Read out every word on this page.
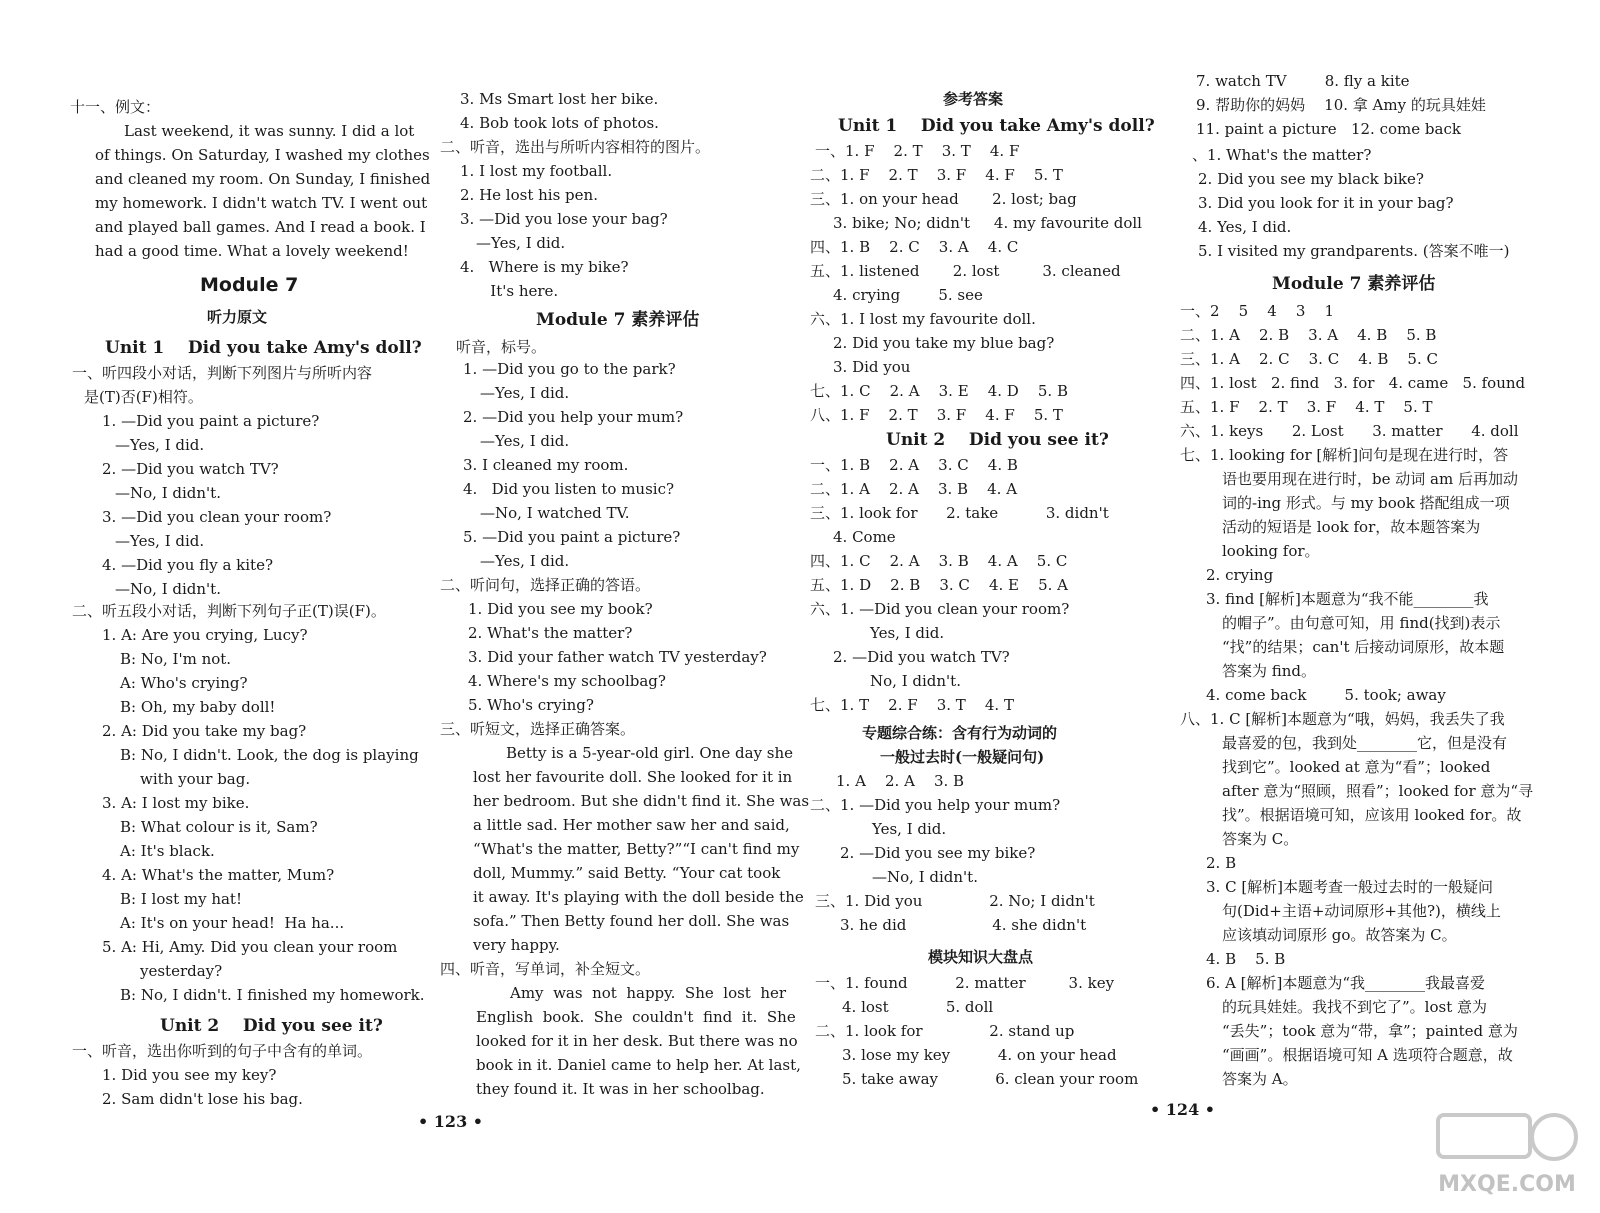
十一、例文：
Last weekend, it was sunny. I did a lot
of things. On Saturday, I washed my clothes
and cleaned my room. On Sunday, I finished
my homework. I didn't watch TV. I went out
and played ball games. And I read a book. I
had a good time. What a lovely weekend!
Module 7
听力原文
Unit 1    Did you take Amy's doll?
一、听四段小对话，判断下列图片与所听内容
是(T)否(F)相符。
1. —Did you paint a picture?
—Yes, I did.
2. —Did you watch TV?
—No, I didn't.
3. —Did you clean your room?
—Yes, I did.
4. —Did you fly a kite?
—No, I didn't.
二、听五段小对话，判断下列句子正(T)误(F)。
1. A: Are you crying, Lucy?
B: No, I'm not.
A: Who's crying?
B: Oh, my baby doll!
2. A: Did you take my bag?
B: No, I didn't. Look, the dog is playing
with your bag.
3. A: I lost my bike.
B: What colour is it, Sam?
A: It's black.
4. A: What's the matter, Mum?
B: I lost my hat!
A: It's on your head!  Ha ha...
5. A: Hi, Amy. Did you clean your room
yesterday?
B: No, I didn't. I finished my homework.
Unit 2    Did you see it?
一、听音，选出你听到的句子中含有的单词。
1. Did you see my key?
2. Sam didn't lose his bag.
3. Ms Smart lost her bike.
4. Bob took lots of photos.
二、听音，选出与所听内容相符的图片。
1. I lost my football.
2. He lost his pen.
3. —Did you lose your bag?
—Yes, I did.
4.   Where is my bike?
It's here.
Module 7 素养评估
听音，标号。
1. —Did you go to the park?
—Yes, I did.
2. —Did you help your mum?
—Yes, I did.
3. I cleaned my room.
4.   Did you listen to music?
—No, I watched TV.
5. —Did you paint a picture?
—Yes, I did.
二、听问句，选择正确的答语。
1. Did you see my book?
2. What's the matter?
3. Did your father watch TV yesterday?
4. Where's my schoolbag?
5. Who's crying?
三、听短文，选择正确答案。
Betty is a 5-year-old girl. One day she
lost her favourite doll. She looked for it in
her bedroom. But she didn't find it. She was
a little sad. Her mother saw her and said,
“What's the matter, Betty?”“I can't find my
doll, Mummy.” said Betty. “Your cat took
it away. It's playing with the doll beside the
sofa.” Then Betty found her doll. She was
very happy.
四、听音，写单词，补全短文。
Amy  was  not  happy.  She  lost  her
English  book.  She  couldn't  find  it.  She
looked for it in her desk. But there was no
book in it. Daniel came to help her. At last,
they found it. It was in her schoolbag.
参考答案
Unit 1    Did you take Amy's doll?
一、1. F    2. T    3. T    4. F
二、1. F    2. T    3. F    4. F    5. T
三、1. on your head       2. lost; bag
3. bike; No; didn't     4. my favourite doll
四、1. B    2. C    3. A    4. C
五、1. listened       2. lost         3. cleaned
4. crying        5. see
六、1. I lost my favourite doll.
2. Did you take my blue bag?
3. Did you
七、1. C    2. A    3. E    4. D    5. B
八、1. F    2. T    3. F    4. F    5. T
Unit 2    Did you see it?
一、1. B    2. A    3. C    4. B
二、1. A    2. A    3. B    4. A
三、1. look for      2. take          3. didn't
4. Come
四、1. C    2. A    3. B    4. A    5. C
五、1. D    2. B    3. C    4. E    5. A
六、1. —Did you clean your room?
Yes, I did.
2. —Did you watch TV?
No, I didn't.
七、1. T    2. F    3. T    4. T
专题综合练：含有行为动词的
一般过去时(一般疑问句)
1. A    2. A    3. B
二、1. —Did you help your mum?
Yes, I did.
2. —Did you see my bike?
—No, I didn't.
三、1. Did you              2. No; I didn't
3. he did                  4. she didn't
模块知识大盘点
一、1. found          2. matter         3. key
4. lost            5. doll
二、1. look for              2. stand up
3. lose my key          4. on your head
5. take away            6. clean your room
7. watch TV        8. fly a kite
9. 帮助你的妈妈    10. 拿 Amy 的玩具娃娃
11. paint a picture   12. come back
、1. What's the matter?
2. Did you see my black bike?
3. Did you look for it in your bag?
4. Yes, I did.
5. I visited my grandparents. (答案不唯一)
Module 7 素养评估
一、2    5    4    3    1
二、1. A    2. B    3. A    4. B    5. B
三、1. A    2. C    3. C    4. B    5. C
四、1. lost   2. find   3. for   4. came   5. found
五、1. F    2. T    3. F    4. T    5. T
六、1. keys      2. Lost      3. matter      4. doll
七、1. looking for [解析]问句是现在进行时，答
语也要用现在进行时，be 动词 am 后再加动
词的-ing 形式。与 my book 搭配组成一项
活动的短语是 look for，故本题答案为
looking for。
2. crying
3. find [解析]本题意为“我不能________我
的帽子”。由句意可知，用 find(找到)表示
“找”的结果；can't 后接动词原形，故本题
答案为 find。
4. come back        5. took; away
八、1. C [解析]本题意为“哦，妈妈，我丢失了我
最喜爱的包，我到处________它，但是没有
找到它”。looked at 意为“看”；looked
after 意为“照顾，照看”；looked for 意为“寻
找”。根据语境可知，应该用 looked for。故
答案为 C。
2. B
3. C [解析]本题考查一般过去时的一般疑问
句(Did+主语+动词原形+其他?)，横线上
应该填动词原形 go。故答案为 C。
4. B    5. B
6. A [解析]本题意为“我________我最喜爱
的玩具娃娃。我找不到它了”。lost 意为
“丢失”；took 意为“带，拿”；painted 意为
“画画”。根据语境可知 A 选项符合题意，故
答案为 A。
• 123 •
• 124 •
MXQE.COM
